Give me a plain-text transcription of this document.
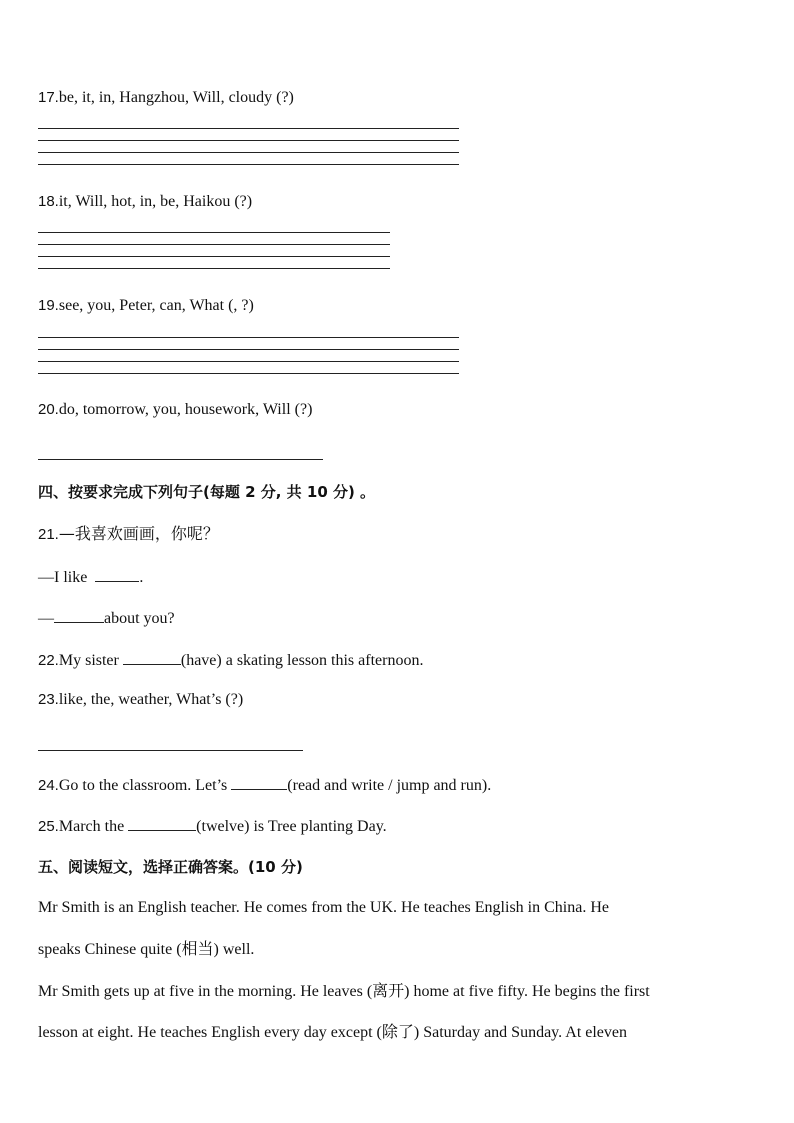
17.be, it, in, Hangzhou, Will, cloudy (?)
18.it, Will, hot, in, be, Haikou (?)
19.see, you, Peter, can, What (, ?)
20.do, tomorrow, you, housework, Will (?)
四、按要求完成下列句子(每题 2 分, 共 10 分) 。
21.—我喜欢画画，你呢？
—I like	.
—	about you?
22.My sister	(have) a skating lesson this afternoon.
23.like, the, weather, What’s (?)
24.Go to the classroom. Let’s	(read and write / jump and run).
25.March the	(twelve) is Tree planting Day.
五、阅读短文，选择正确答案。(10 分)
Mr Smith is an English teacher. He comes from the UK. He teaches English in China. He
speaks Chinese quite (相当) well.
Mr Smith gets up at five in the morning. He leaves (离开) home at five fifty. He begins the first
lesson at eight. He teaches English every day except (除了) Saturday and Sunday. At eleven
